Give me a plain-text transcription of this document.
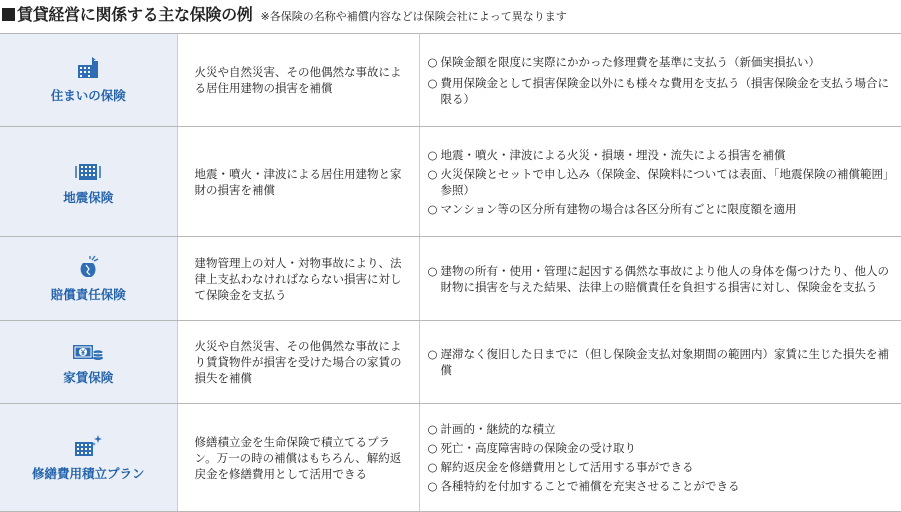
賃貸経営に関係する主な保険の例 ※各保険の名称や補償内容などは保険会社によって異なります
住まいの保険	火災や自然災害、その他偶然な事故による居住用建物の損害を補償	○ 保険金額を限度に実際にかかった修理費を基準に支払う（新価実損払い）
○ 費用保険金として損害保険金以外にも様々な費用を支払う（損害保険金を支払う場合に限る）

地震保険	地震・噴火・津波による居住用建物と家財の損害を補償	○ 地震・噴火・津波による火災・損壊・埋没・流失による損害を補償
○ 火災保険とセットで申し込み（保険金、保険料については表面、「地震保険の補償範囲」参照）
○ マンション等の区分所有建物の場合は各区分所有ごとに限度額を適用

賠償責任保険	建物管理上の対人・対物事故により、法律上支払わなければならない損害に対して保険金を支払う	○ 建物の所有・使用・管理に起因する偶然な事故により他人の身体を傷つけたり、他人の財物に損害を与えた結果、法律上の賠償責任を負担する損害に対し、保険金を支払う

家賃保険	火災や自然災害、その他偶然な事故により賃貸物件が損害を受けた場合の家賃の損失を補償	○ 遅滞なく復旧した日までに（但し保険金支払対象期間の範囲内）家賃に生じた損失を補償

修繕費用積立プラン	修繕積立金を生命保険で積立てるプラン。万一の時の補償はもちろん、解約返戻金を修繕費用として活用できる	○ 計画的・継続的な積立
○ 死亡・高度障害時の保険金の受け取り
○ 解約返戻金を修繕費用として活用する事ができる
○ 各種特約を付加することで補償を充実させることができる
